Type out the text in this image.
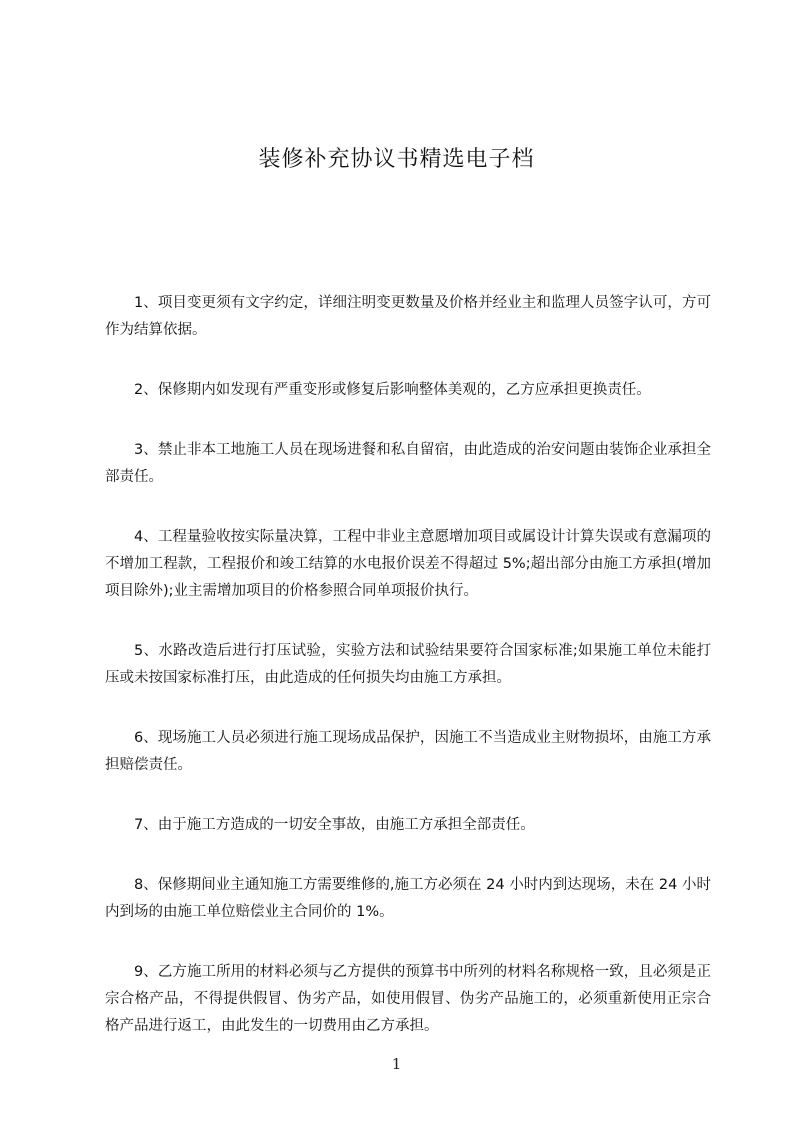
装修补充协议书精选电子档

1、项目变更须有文字约定，详细注明变更数量及价格并经业主和监理人员签字认可，方可作为结算依据。

2、保修期内如发现有严重变形或修复后影响整体美观的，乙方应承担更换责任。

3、禁止非本工地施工人员在现场进餐和私自留宿，由此造成的治安问题由装饰企业承担全部责任。

4、工程量验收按实际量决算，工程中非业主意愿增加项目或属设计计算失误或有意漏项的不增加工程款，工程报价和竣工结算的水电报价误差不得超过 5%;超出部分由施工方承担(增加项目除外);业主需增加项目的价格参照合同单项报价执行。

5、水路改造后进行打压试验，实验方法和试验结果要符合国家标准;如果施工单位未能打压或未按国家标准打压，由此造成的任何损失均由施工方承担。

6、现场施工人员必须进行施工现场成品保护，因施工不当造成业主财物损坏，由施工方承担赔偿责任。

7、由于施工方造成的一切安全事故，由施工方承担全部责任。

8、保修期间业主通知施工方需要维修的,施工方必须在 24 小时内到达现场，未在 24 小时内到场的由施工单位赔偿业主合同价的 1%。

9、乙方施工所用的材料必须与乙方提供的预算书中所列的材料名称规格一致，且必须是正宗合格产品，不得提供假冒、伪劣产品，如使用假冒、伪劣产品施工的，必须重新使用正宗合格产品进行返工，由此发生的一切费用由乙方承担。

1
